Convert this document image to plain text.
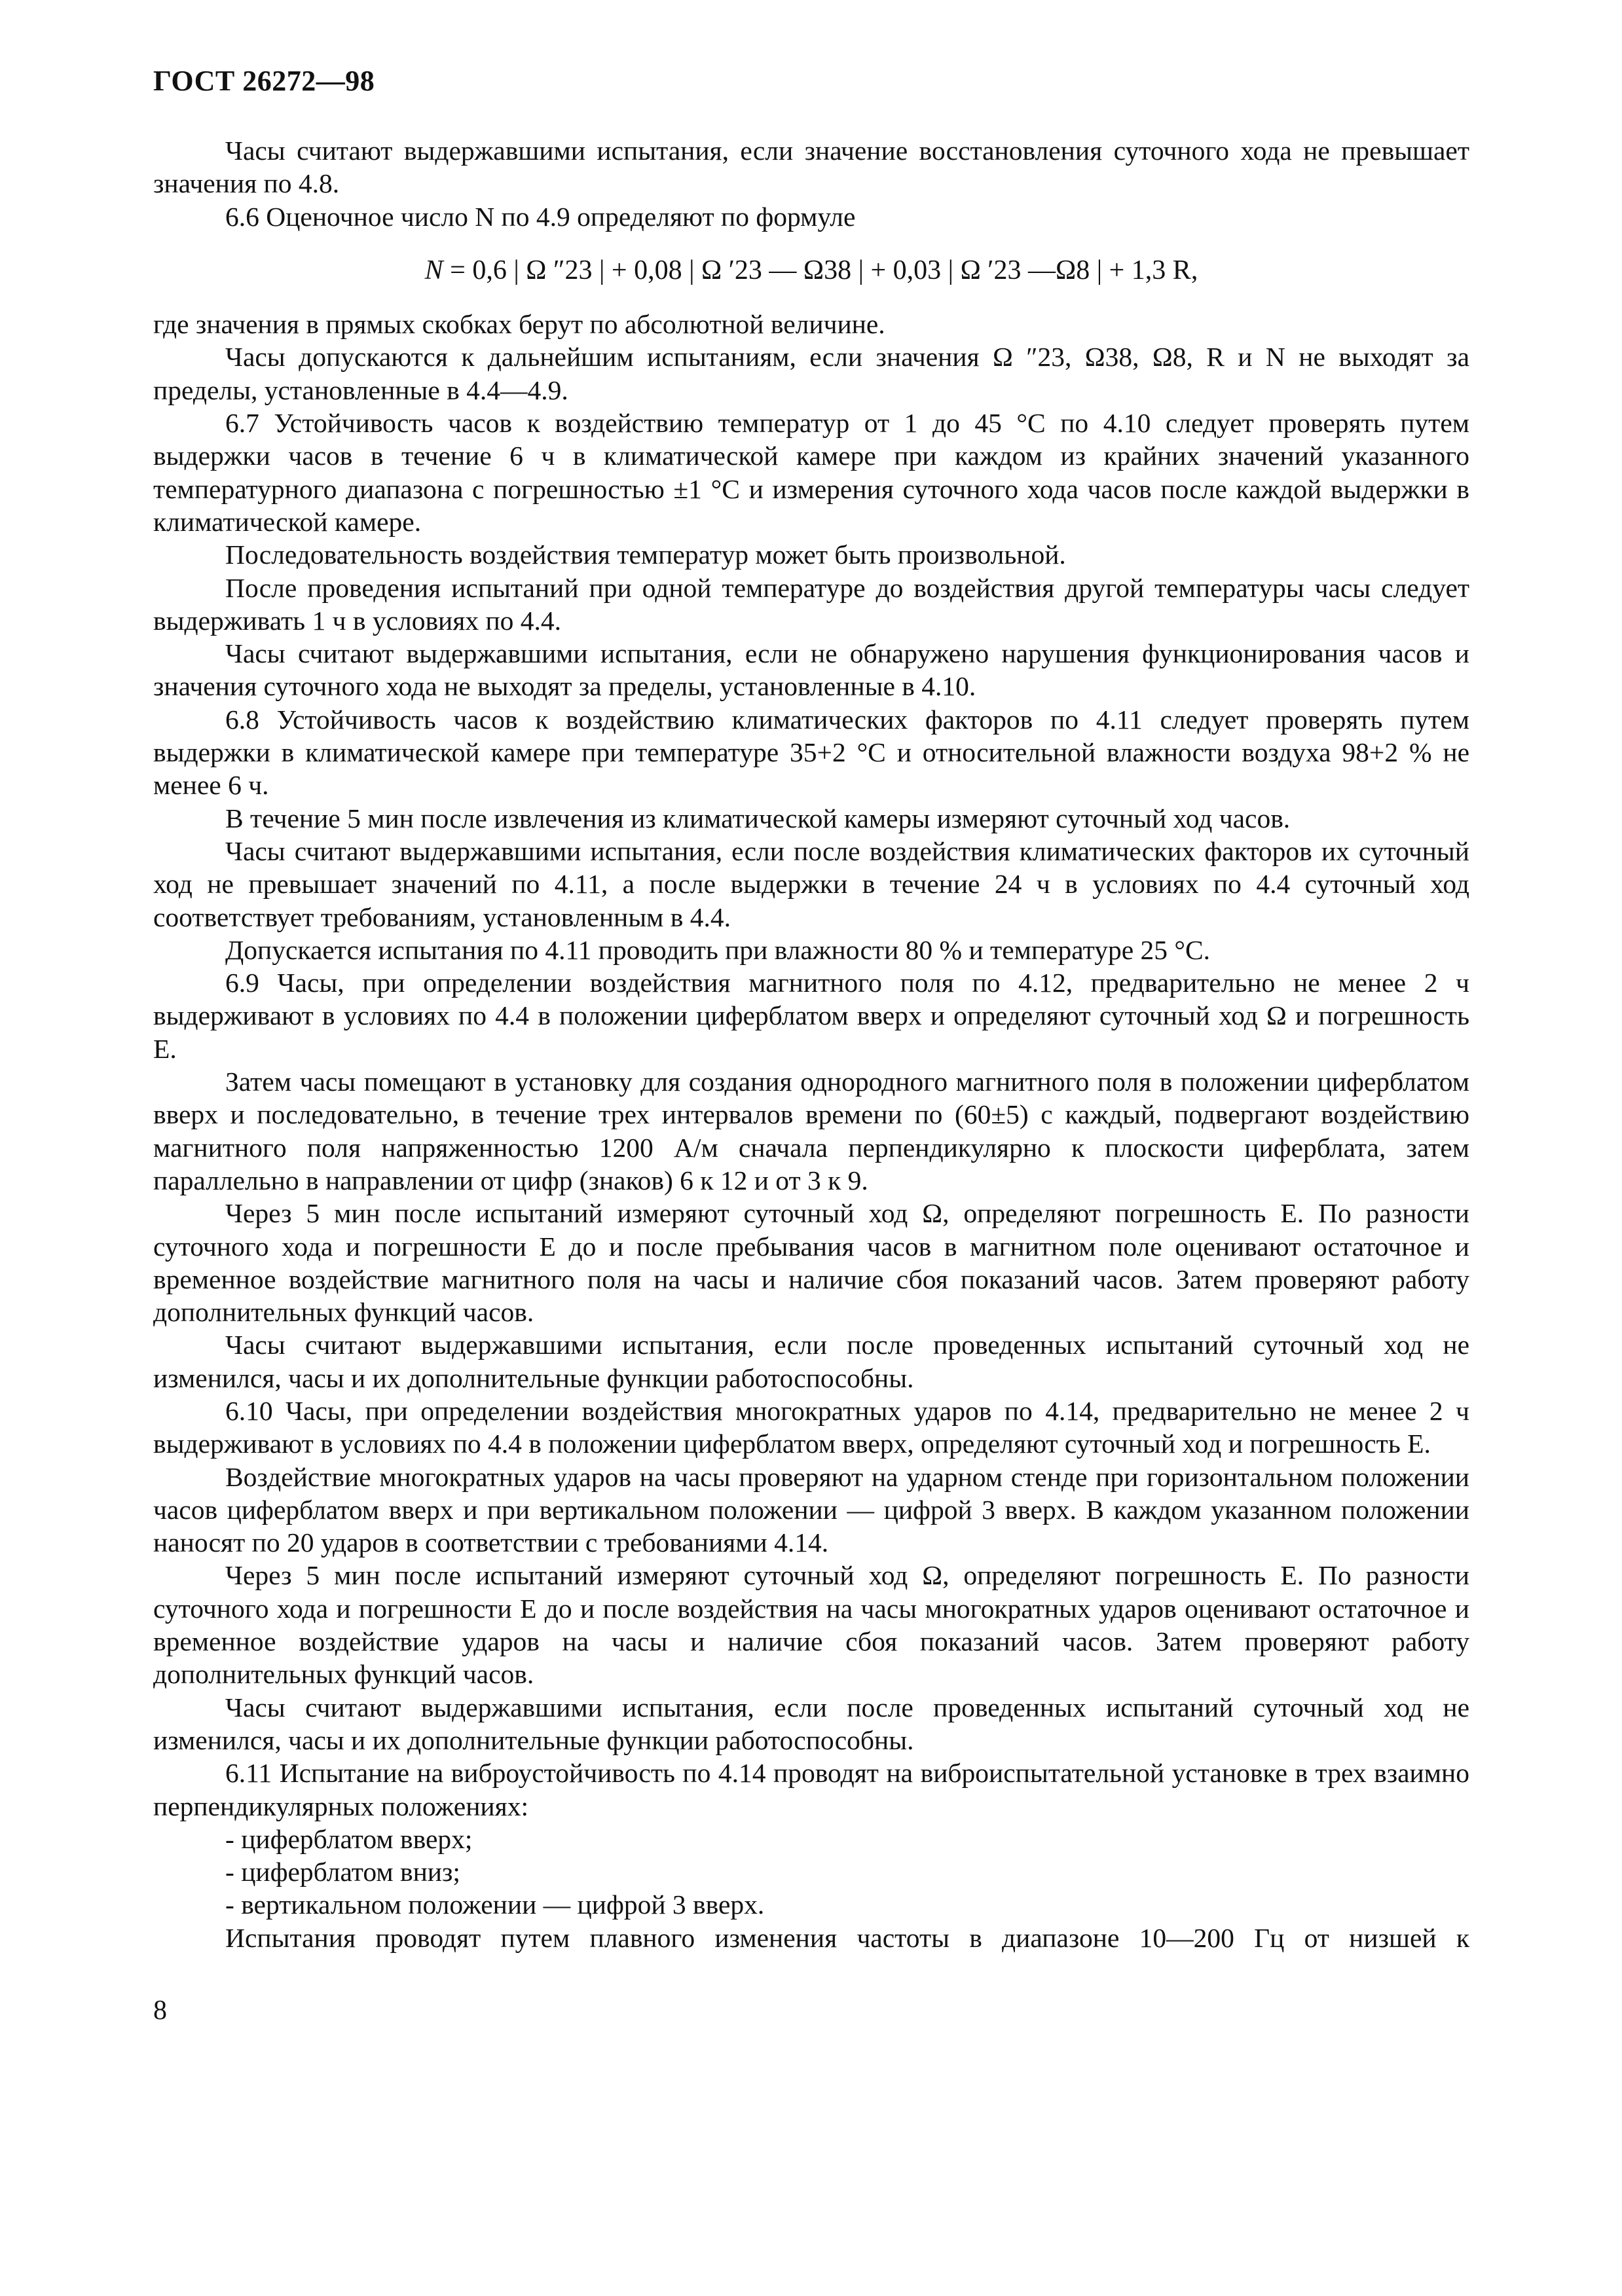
ГОСТ 26272—98

Часы считают выдержавшими испытания, если значение восстановления суточного хода не превышает значения по 4.8.

6.6 Оценочное число N по 4.9 определяют по формуле

N = 0,6 | Ω ″23 | + 0,08 | Ω ′23 — Ω38 | + 0,03 | Ω ′23 —Ω8 | + 1,3 R,

где значения в прямых скобках берут по абсолютной величине.

Часы допускаются к дальнейшим испытаниям, если значения Ω ″23, Ω38, Ω8, R и N не выходят за пределы, установленные в 4.4—4.9.

6.7 Устойчивость часов к воздействию температур от 1 до 45 °С по 4.10 следует проверять путем выдержки часов в течение 6 ч в климатической камере при каждом из крайних значений указанного температурного диапазона с погрешностью ±1 °С и измерения суточного хода часов после каждой выдержки в климатической камере.

Последовательность воздействия температур может быть произвольной.

После проведения испытаний при одной температуре до воздействия другой температуры часы следует выдерживать 1 ч в условиях по 4.4.

Часы считают выдержавшими испытания, если не обнаружено нарушения функционирования часов и значения суточного хода не выходят за пределы, установленные в 4.10.

6.8 Устойчивость часов к воздействию климатических факторов по 4.11 следует проверять путем выдержки в климатической камере при температуре 35+2 °С и относительной влажности воздуха 98+2 % не менее 6 ч.

В течение 5 мин после извлечения из климатической камеры измеряют суточный ход часов.

Часы считают выдержавшими испытания, если после воздействия климатических факторов их суточный ход не превышает значений по 4.11, а после выдержки в течение 24 ч в условиях по 4.4 суточный ход соответствует требованиям, установленным в 4.4.

Допускается испытания по 4.11 проводить при влажности 80 % и температуре 25 °С.

6.9 Часы, при определении воздействия магнитного поля по 4.12, предварительно не менее 2 ч выдерживают в условиях по 4.4 в положении циферблатом вверх и определяют суточный ход Ω и погрешность E.

Затем часы помещают в установку для создания однородного магнитного поля в положении циферблатом вверх и последовательно, в течение трех интервалов времени по (60±5) с каждый, подвергают воздействию магнитного поля напряженностью 1200 А/м сначала перпендикулярно к плоскости циферблата, затем параллельно в направлении от цифр (знаков) 6 к 12 и от 3 к 9.

Через 5 мин после испытаний измеряют суточный ход Ω, определяют погрешность E. По разности суточного хода и погрешности E до и после пребывания часов в магнитном поле оценивают остаточное и временное воздействие магнитного поля на часы и наличие сбоя показаний часов. Затем проверяют работу дополнительных функций часов.

Часы считают выдержавшими испытания, если после проведенных испытаний суточный ход не изменился, часы и их дополнительные функции работоспособны.

6.10 Часы, при определении воздействия многократных ударов по 4.14, предварительно не менее 2 ч выдерживают в условиях по 4.4 в положении циферблатом вверх, определяют суточный ход и погрешность E.

Воздействие многократных ударов на часы проверяют на ударном стенде при горизонтальном положении часов циферблатом вверх и при вертикальном положении — цифрой 3 вверх. В каждом указанном положении наносят по 20 ударов в соответствии с требованиями 4.14.

Через 5 мин после испытаний измеряют суточный ход Ω, определяют погрешность E. По разности суточного хода и погрешности E до и после воздействия на часы многократных ударов оценивают остаточное и временное воздействие ударов на часы и наличие сбоя показаний часов. Затем проверяют работу дополнительных функций часов.

Часы считают выдержавшими испытания, если после проведенных испытаний суточный ход не изменился, часы и их дополнительные функции работоспособны.

6.11 Испытание на виброустойчивость по 4.14 проводят на виброиспытательной установке в трех взаимно перпендикулярных положениях:

- циферблатом вверх;

- циферблатом вниз;

- вертикальном положении — цифрой 3 вверх.

Испытания проводят путем плавного изменения частоты в диапазоне 10—200 Гц от низшей к

8
